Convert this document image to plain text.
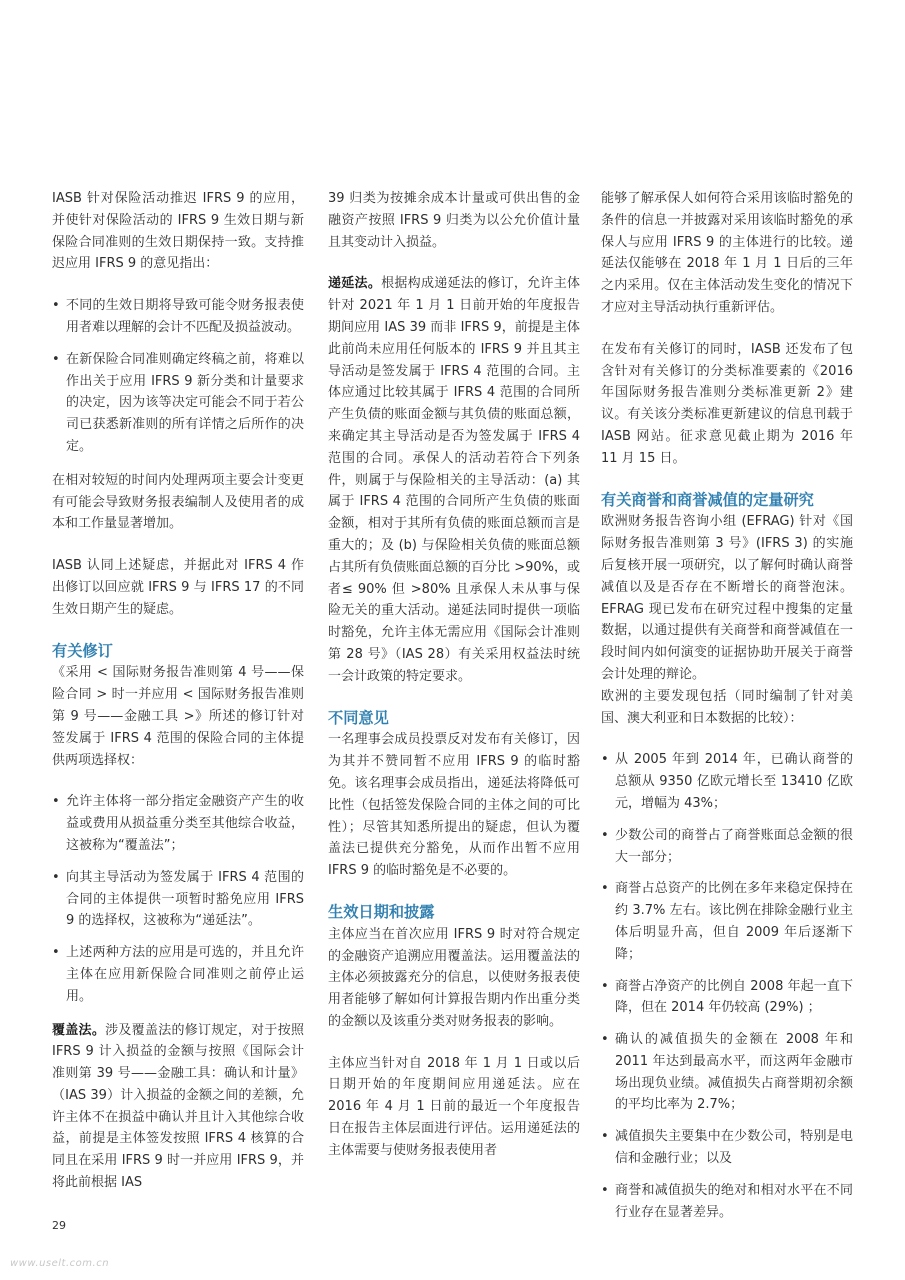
IASB 针对保险活动推迟 IFRS 9 的应用，并使针对保险活动的 IFRS 9 生效日期与新保险合同准则的生效日期保持一致。支持推迟应用 IFRS 9 的意见指出：

• 不同的生效日期将导致可能令财务报表使用者难以理解的会计不匹配及损益波动。
• 在新保险合同准则确定终稿之前，将难以作出关于应用 IFRS 9 新分类和计量要求的决定，因为该等决定可能会不同于若公司已获悉新准则的所有详情之后所作的决定。

在相对较短的时间内处理两项主要会计变更有可能会导致财务报表编制人及使用者的成本和工作量显著增加。

IASB 认同上述疑虑，并据此对 IFRS 4 作出修订以回应就 IFRS 9 与 IFRS 17 的不同生效日期产生的疑虑。

有关修订

《采用 < 国际财务报告准则第 4 号——保险合同 > 时一并应用 < 国际财务报告准则第 9 号——金融工具 >》所述的修订针对签发属于 IFRS 4 范围的保险合同的主体提供两项选择权：

• 允许主体将一部分指定金融资产产生的收益或费用从损益重分类至其他综合收益，这被称为“覆盖法”；
• 向其主导活动为签发属于 IFRS 4 范围的合同的主体提供一项暂时豁免应用 IFRS 9 的选择权，这被称为“递延法”。
• 上述两种方法的应用是可选的，并且允许主体在应用新保险合同准则之前停止运用。

覆盖法。涉及覆盖法的修订规定，对于按照 IFRS 9 计入损益的金额与按照《国际会计准则第 39 号——金融工具：确认和计量》（IAS 39）计入损益的金额之间的差额，允许主体不在损益中确认并且计入其他综合收益，前提是主体签发按照 IFRS 4 核算的合同且在采用 IFRS 9 时一并应用 IFRS 9，并将此前根据 IAS

39 归类为按摊余成本计量或可供出售的金融资产按照 IFRS 9 归类为以公允价值计量且其变动计入损益。

递延法。根据构成递延法的修订，允许主体针对 2021 年 1 月 1 日前开始的年度报告期间应用 IAS 39 而非 IFRS 9，前提是主体此前尚未应用任何版本的 IFRS 9 并且其主导活动是签发属于 IFRS 4 范围的合同。主体应通过比较其属于 IFRS 4 范围的合同所产生负债的账面金额与其负债的账面总额，来确定其主导活动是否为签发属于 IFRS 4 范围的合同。承保人的活动若符合下列条件，则属于与保险相关的主导活动：(a) 其属于 IFRS 4 范围的合同所产生负债的账面金额，相对于其所有负债的账面总额而言是重大的；及 (b) 与保险相关负债的账面总额占其所有负债账面总额的百分比 >90%，或者≤ 90% 但 >80% 且承保人未从事与保险无关的重大活动。递延法同时提供一项临时豁免，允许主体无需应用《国际会计准则第 28 号》（IAS 28）有关采用权益法时统一会计政策的特定要求。

不同意见

一名理事会成员投票反对发布有关修订，因为其并不赞同暂不应用 IFRS 9 的临时豁免。该名理事会成员指出，递延法将降低可比性（包括签发保险合同的主体之间的可比性）；尽管其知悉所提出的疑虑，但认为覆盖法已提供充分豁免，从而作出暂不应用 IFRS 9 的临时豁免是不必要的。

生效日期和披露

主体应当在首次应用 IFRS 9 时对符合规定的金融资产追溯应用覆盖法。运用覆盖法的主体必须披露充分的信息，以使财务报表使用者能够了解如何计算报告期内作出重分类的金额以及该重分类对财务报表的影响。

主体应当针对自 2018 年 1 月 1 日或以后日期开始的年度期间应用递延法。应在 2016 年 4 月 1 日前的最近一个年度报告日在报告主体层面进行评估。运用递延法的主体需要与使财务报表使用者

能够了解承保人如何符合采用该临时豁免的条件的信息一并披露对采用该临时豁免的承保人与应用 IFRS 9 的主体进行的比较。递延法仅能够在 2018 年 1 月 1 日后的三年之内采用。仅在主体活动发生变化的情况下才应对主导活动执行重新评估。

在发布有关修订的同时，IASB 还发布了包含针对有关修订的分类标准要素的《2016 年国际财务报告准则分类标准更新 2》建议。有关该分类标准更新建议的信息刊载于 IASB 网站。征求意见截止期为 2016 年 11 月 15 日。

有关商誉和商誉减值的定量研究

欧洲财务报告咨询小组 (EFRAG) 针对《国际财务报告准则第 3 号》(IFRS 3) 的实施后复核开展一项研究，以了解何时确认商誉减值以及是否存在不断增长的商誉泡沫。EFRAG 现已发布在研究过程中搜集的定量数据，以通过提供有关商誉和商誉减值在一段时间内如何演变的证据协助开展关于商誉会计处理的辩论。

欧洲的主要发现包括（同时编制了针对美国、澳大利亚和日本数据的比较）：

• 从 2005 年到 2014 年，已确认商誉的总额从 9350 亿欧元增长至 13410 亿欧元，增幅为 43%；
• 少数公司的商誉占了商誉账面总金额的很大一部分；
• 商誉占总资产的比例在多年来稳定保持在约 3.7% 左右。该比例在排除金融行业主体后明显升高，但自 2009 年后逐渐下降；
• 商誉占净资产的比例自 2008 年起一直下降，但在 2014 年仍较高 (29%) ；
• 确认的减值损失的金额在 2008 年和 2011 年达到最高水平，而这两年金融市场出现负业绩。减值损失占商誉期初余额的平均比率为 2.7%；
• 减值损失主要集中在少数公司，特别是电信和金融行业；以及
• 商誉和减值损失的绝对和相对水平在不同行业存在显著差异。
29
www.uselt.com.cn
